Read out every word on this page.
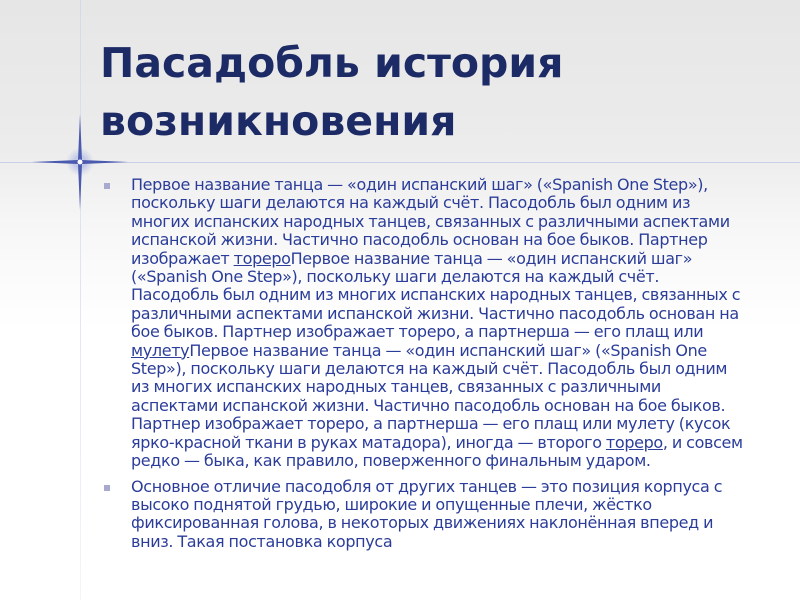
Пасадобль история
возникновения
Первое название танца — «один испанский шаг» («Spanish One Step»), поскольку шаги делаются на каждый счёт. Пасодобль был одним из многих испанских народных танцев, связанных с различными аспектами испанской жизни. Частично пасодобль основан на бое быков. Партнер изображает торероПервое название танца — «один испанский шаг» («Spanish One Step»), поскольку шаги делаются на каждый счёт. Пасодобль был одним из многих испанских народных танцев, связанных с различными аспектами испанской жизни. Частично пасодобль основан на бое быков. Партнер изображает тореро, а партнерша — его плащ или мулетуПервое название танца — «один испанский шаг» («Spanish One Step»), поскольку шаги делаются на каждый счёт. Пасодобль был одним из многих испанских народных танцев, связанных с различными аспектами испанской жизни. Частично пасодобль основан на бое быков. Партнер изображает тореро, а партнерша — его плащ или мулету (кусок ярко-красной ткани в руках матадора), иногда — второго тореро, и совсем редко — быка, как правило, поверженного финальным ударом.
Основное отличие пасодобля от других танцев — это позиция корпуса с высоко поднятой грудью, широкие и опущенные плечи, жёстко фиксированная голова, в некоторых движениях наклонённая вперед и вниз. Такая постановка корпуса
